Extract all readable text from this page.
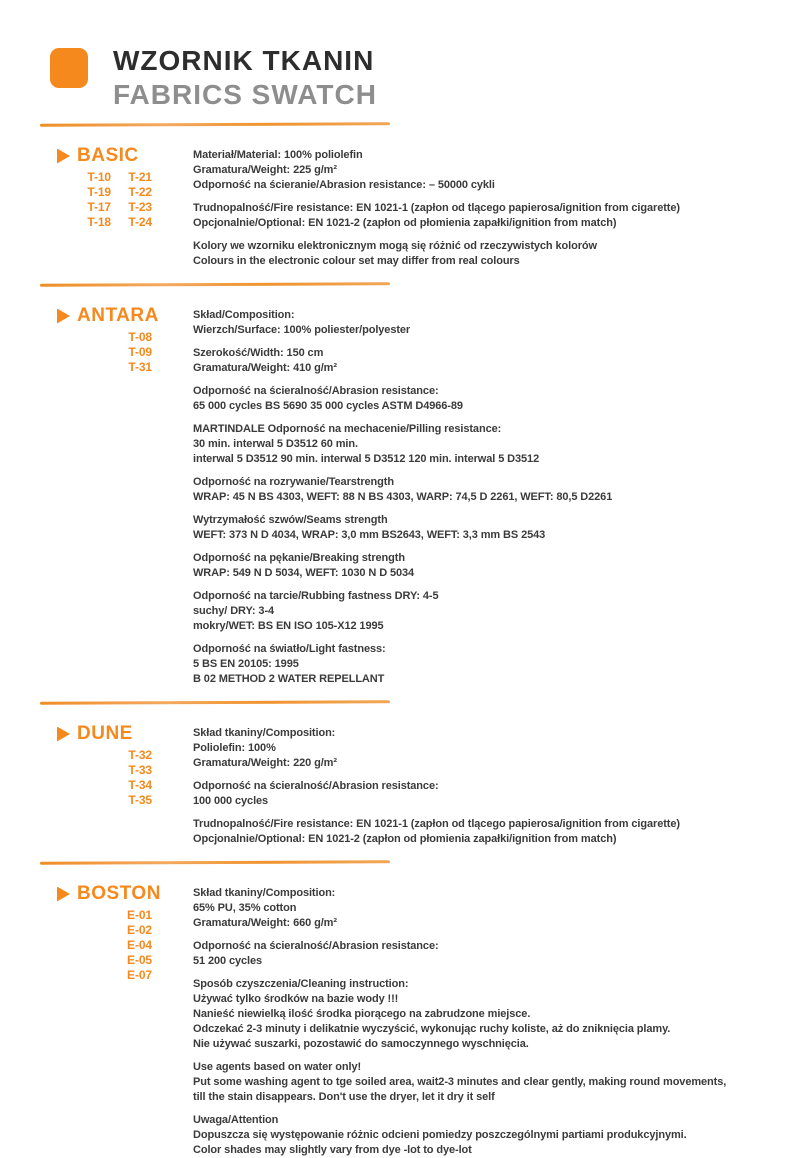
WZORNIK TKANIN
FABRICS SWATCH
BASIC
T-10	T-21
T-19	T-22
T-17	T-23
T-18	T-24
Materiał/Material: 100% poliolefin
Gramatura/Weight: 225 g/m²
Odporność na ścieranie/Abrasion resistance: – 50000 cykli
Trudnopalność/Fire resistance: EN 1021-1 (zapłon od tlącego papierosa/ignition from cigarette)
Opcjonalnie/Optional: EN 1021-2 (zapłon od płomienia zapałki/ignition from match)
Kolory we wzorniku elektronicznym mogą się różnić od rzeczywistych kolorów
Colours in the electronic colour set may differ from real colours
ANTARA
T-08
T-09
T-31
Skład/Composition:
Wierzch/Surface: 100% poliester/polyester
Szerokość/Width: 150 cm
Gramatura/Weight: 410 g/m²
Odporność na ścieralność/Abrasion resistance:
65 000 cycles BS 5690 35 000 cycles ASTM D4966-89
MARTINDALE Odporność na mechacenie/Pilling resistance:
30 min. interwal 5 D3512 60 min.
interwal 5 D3512 90 min. interwal 5 D3512 120 min. interwal 5 D3512
Odporność na rozrywanie/Tearstrength
WRAP: 45 N BS 4303, WEFT: 88 N BS 4303, WARP: 74,5 D 2261, WEFT: 80,5 D2261
Wytrzymałość szwów/Seams strength
WEFT: 373 N D 4034, WRAP: 3,0 mm BS2643, WEFT: 3,3 mm BS 2543
Odporność na pękanie/Breaking strength
WRAP: 549 N D 5034, WEFT: 1030 N D 5034
Odporność na tarcie/Rubbing fastness DRY: 4-5
suchy/ DRY: 3-4
mokry/WET: BS EN ISO 105-X12 1995
Odporność na światło/Light fastness:
5 BS EN 20105: 1995
B 02 METHOD 2 WATER REPELLANT
DUNE
T-32
T-33
T-34
T-35
Skład tkaniny/Composition:
Poliolefin: 100%
Gramatura/Weight: 220 g/m²
Odporność na ścieralność/Abrasion resistance:
100 000 cycles
Trudnopalność/Fire resistance: EN 1021-1 (zapłon od tlącego papierosa/ignition from cigarette)
Opcjonalnie/Optional: EN 1021-2 (zapłon od płomienia zapałki/ignition from match)
BOSTON
E-01
E-02
E-04
E-05
E-07
Skład tkaniny/Composition:
65% PU, 35% cotton
Gramatura/Weight: 660 g/m²
Odporność na ścieralność/Abrasion resistance:
51 200 cycles
Sposób czyszczenia/Cleaning instruction:
Używać tylko środków na bazie wody !!!
Nanieść niewielką ilość środka piorącego na zabrudzone miejsce.
Odczekać 2-3 minuty i delikatnie wyczyścić, wykonując ruchy koliste, aż do zniknięcia plamy.
Nie używać suszarki, pozostawić do samoczynnego wyschnięcia.
Use agents based on water only!
Put some washing agent to tge soiled area, wait2-3 minutes and clear gently, making round movements,
till the stain disappears. Don't use the dryer, let it dry it self
Uwaga/Attention
Dopuszcza się występowanie różnic odcieni pomiedzy poszczególnymi partiami produkcyjnymi.
Color shades may slightly vary from dye -lot to dye-lot
